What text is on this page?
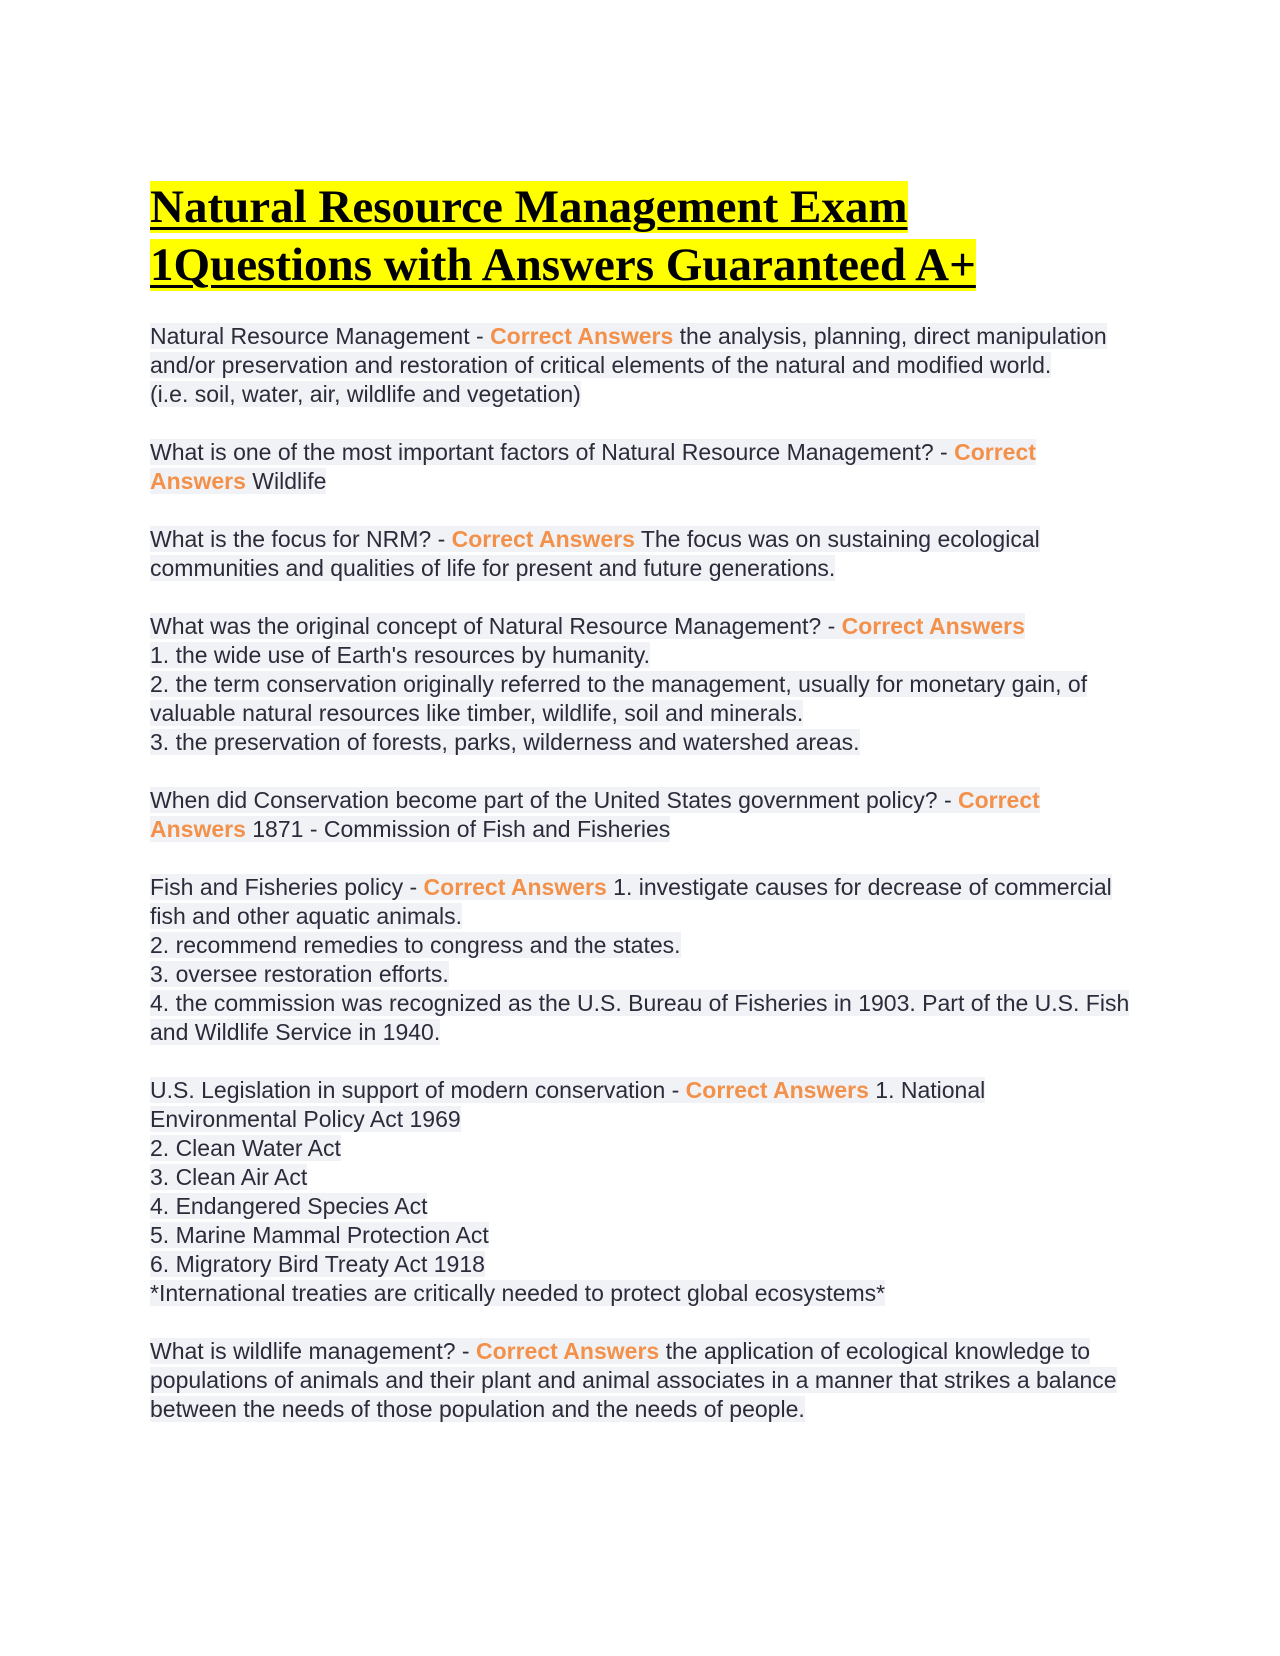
Natural Resource Management Exam
1Questions with Answers Guaranteed A+

Natural Resource Management - Correct Answers the analysis, planning, direct manipulation and/or preservation and restoration of critical elements of the natural and modified world.
(i.e. soil, water, air, wildlife and vegetation)

What is one of the most important factors of Natural Resource Management? - Correct Answers Wildlife

What is the focus for NRM? - Correct Answers The focus was on sustaining ecological communities and qualities of life for present and future generations.

What was the original concept of Natural Resource Management? - Correct Answers
1. the wide use of Earth's resources by humanity.
2. the term conservation originally referred to the management, usually for monetary gain, of valuable natural resources like timber, wildlife, soil and minerals.
3. the preservation of forests, parks, wilderness and watershed areas.

When did Conservation become part of the United States government policy? - Correct Answers 1871 - Commission of Fish and Fisheries

Fish and Fisheries policy - Correct Answers 1. investigate causes for decrease of commercial fish and other aquatic animals.
2. recommend remedies to congress and the states.
3. oversee restoration efforts.
4. the commission was recognized as the U.S. Bureau of Fisheries in 1903. Part of the U.S. Fish and Wildlife Service in 1940.

U.S. Legislation in support of modern conservation - Correct Answers 1. National Environmental Policy Act 1969
2. Clean Water Act
3. Clean Air Act
4. Endangered Species Act
5. Marine Mammal Protection Act
6. Migratory Bird Treaty Act 1918
*International treaties are critically needed to protect global ecosystems*

What is wildlife management? - Correct Answers the application of ecological knowledge to populations of animals and their plant and animal associates in a manner that strikes a balance between the needs of those population and the needs of people.
